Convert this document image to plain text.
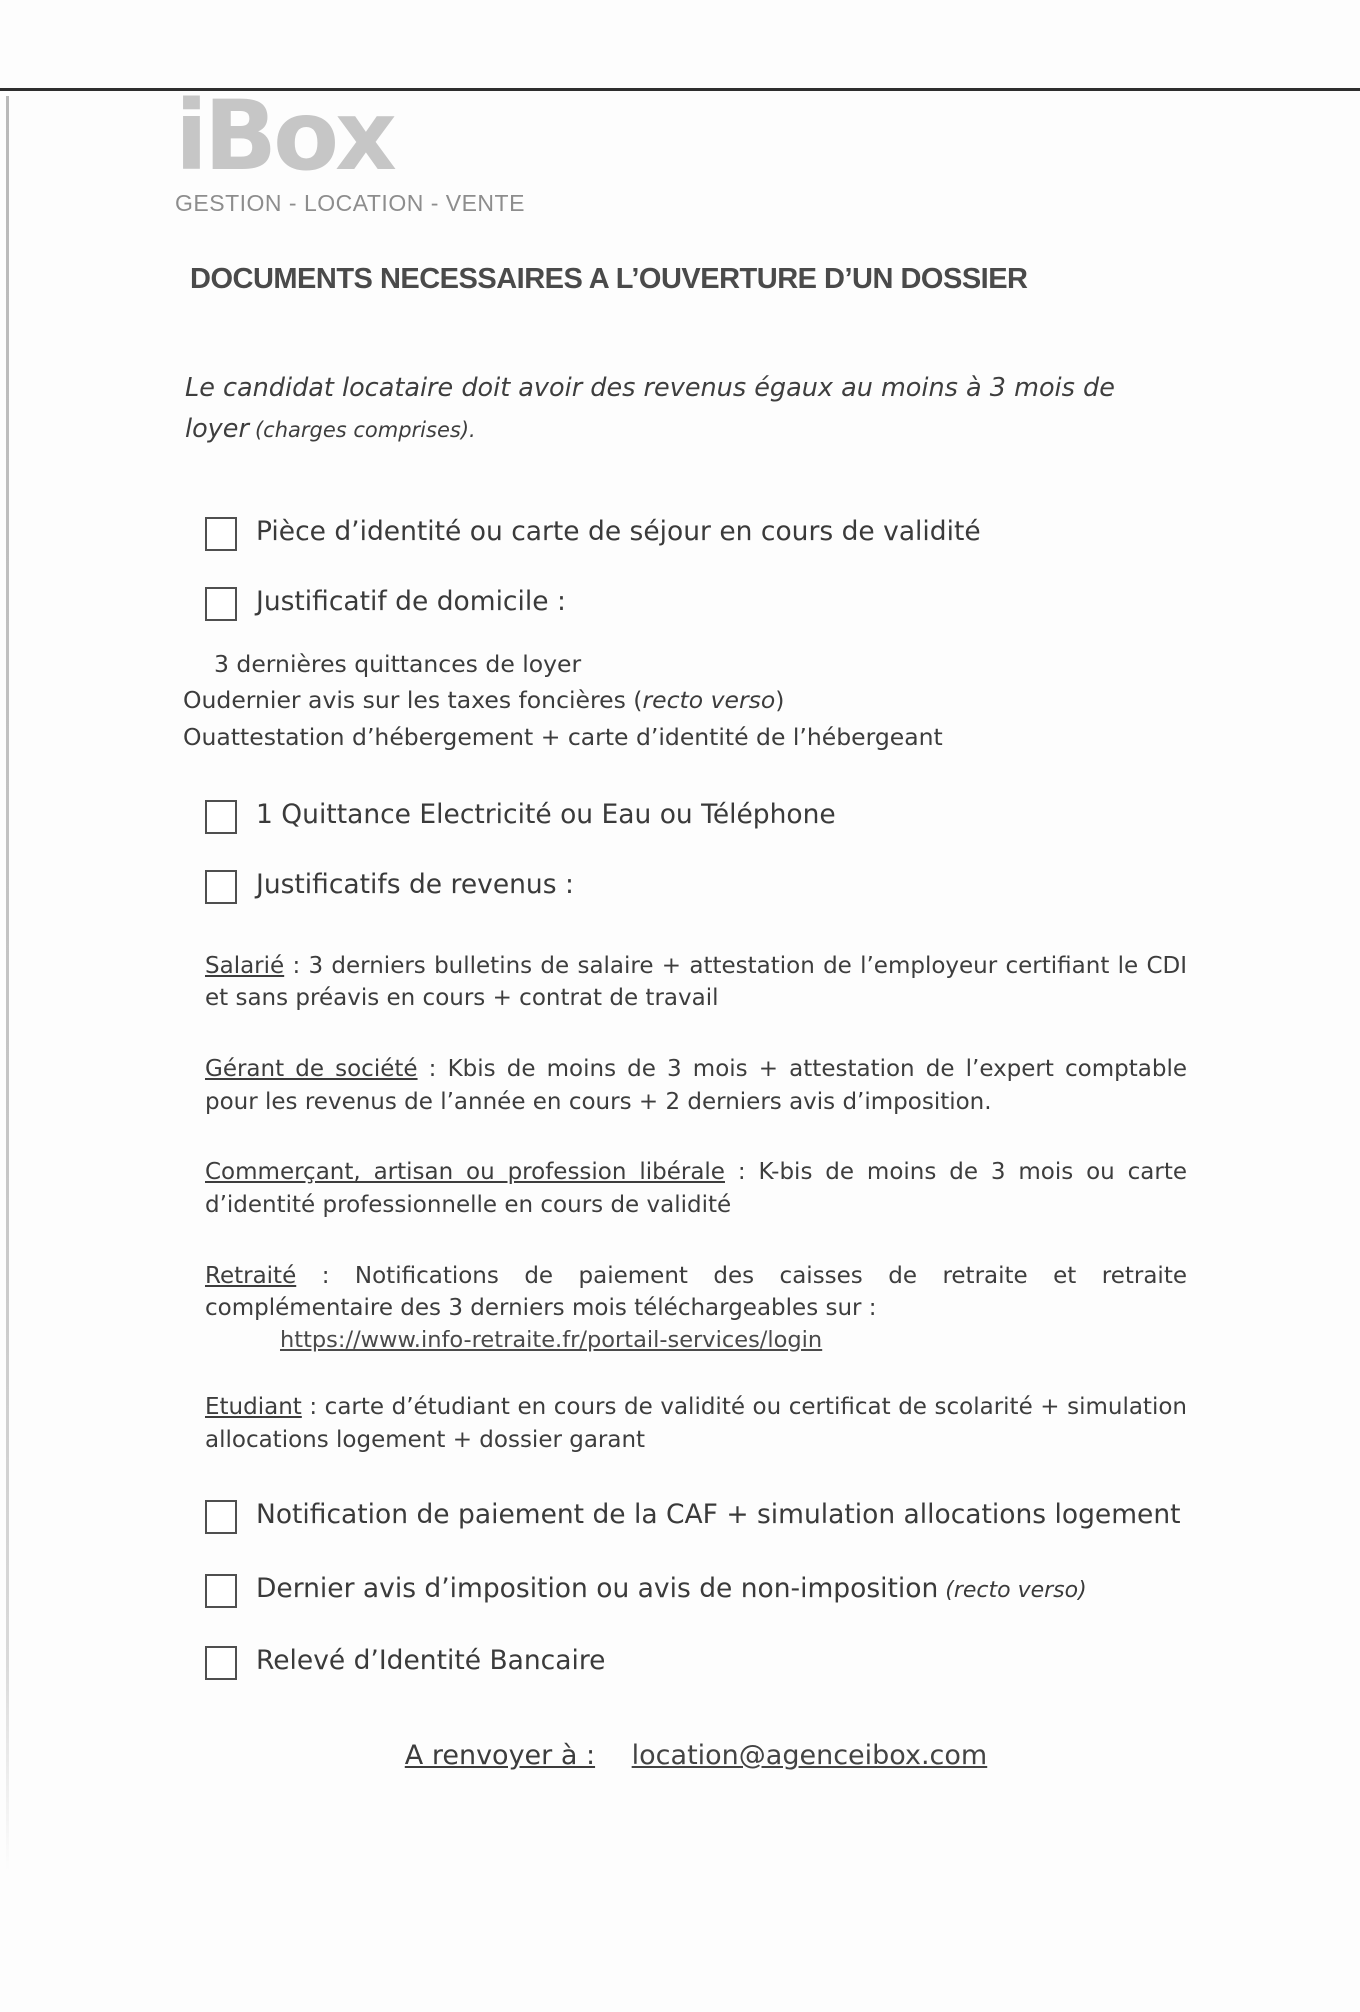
iBox
GESTION - LOCATION - VENTE
DOCUMENTS NECESSAIRES A L’OUVERTURE D’UN DOSSIER

Le candidat locataire doit avoir des revenus égaux au moins à 3 mois de loyer (charges comprises).

Pièce d’identité ou carte de séjour en cours de validité
Justificatif de domicile :
3 dernières quittances de loyer
Ou dernier avis sur les taxes foncières (recto verso)
Ou attestation d’hébergement + carte d’identité de l’hébergeant
1 Quittance Electricité ou Eau ou Téléphone
Justificatifs de revenus :

Salarié : 3 derniers bulletins de salaire + attestation de l’employeur certifiant le CDI et sans préavis en cours + contrat de travail

Gérant de société : Kbis de moins de 3 mois + attestation de l’expert comptable pour les revenus de l’année en cours + 2 derniers avis d’imposition.

Commerçant, artisan ou profession libérale : K-bis de moins de 3 mois ou carte d’identité professionnelle en cours de validité

Retraité : Notifications de paiement des caisses de retraite et retraite complémentaire des 3 derniers mois téléchargeables sur :

https://www.info-retraite.fr/portail-services/login

Etudiant : carte d’étudiant en cours de validité ou certificat de scolarité + simulation allocations logement + dossier garant

Notification de paiement de la CAF + simulation allocations logement
Dernier avis d’imposition ou avis de non-imposition (recto verso)
Relevé d’Identité Bancaire
A renvoyer à : location@agenceibox.com
